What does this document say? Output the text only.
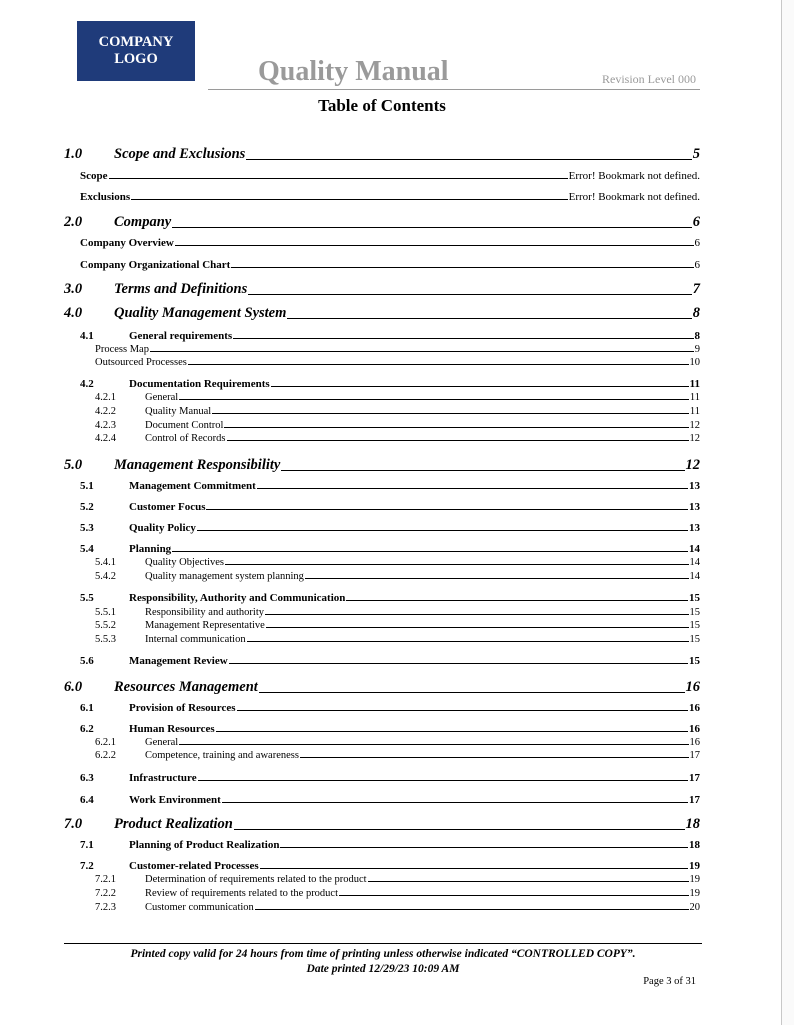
COMPANY
LOGO	Quality Manual	Revision Level 000
Table of Contents
1.0	Scope and Exclusions	5
Scope	Error! Bookmark not defined.
Exclusions	Error! Bookmark not defined.
2.0	Company	6
Company Overview	6
Company Organizational Chart	6
3.0	Terms and Definitions	7
4.0	Quality Management System	8
4.1	General requirements	8
Process Map	9
Outsourced Processes	10
4.2	Documentation Requirements	11
4.2.1	General	11
4.2.2	Quality Manual	11
4.2.3	Document Control	12
4.2.4	Control of Records	12
5.0	Management Responsibility	12
5.1	Management Commitment	13
5.2	Customer Focus	13
5.3	Quality Policy	13
5.4	Planning	14
5.4.1	Quality Objectives	14
5.4.2	Quality management system planning	14
5.5	Responsibility, Authority and Communication	15
5.5.1	Responsibility and authority	15
5.5.2	Management Representative	15
5.5.3	Internal communication	15
5.6	Management Review	15
6.0	Resources Management	16
6.1	Provision of Resources	16
6.2	Human Resources	16
6.2.1	General	16
6.2.2	Competence, training and awareness	17
6.3	Infrastructure	17
6.4	Work Environment	17
7.0	Product Realization	18
7.1	Planning of Product Realization	18
7.2	Customer-related Processes	19
7.2.1	Determination of requirements related to the product	19
7.2.2	Review of requirements related to the product	19
7.2.3	Customer communication	20
Printed copy valid for 24 hours from time of printing unless otherwise indicated “CONTROLLED COPY”.
Date printed 12/29/23 10:09 AM
Page 3 of 31
